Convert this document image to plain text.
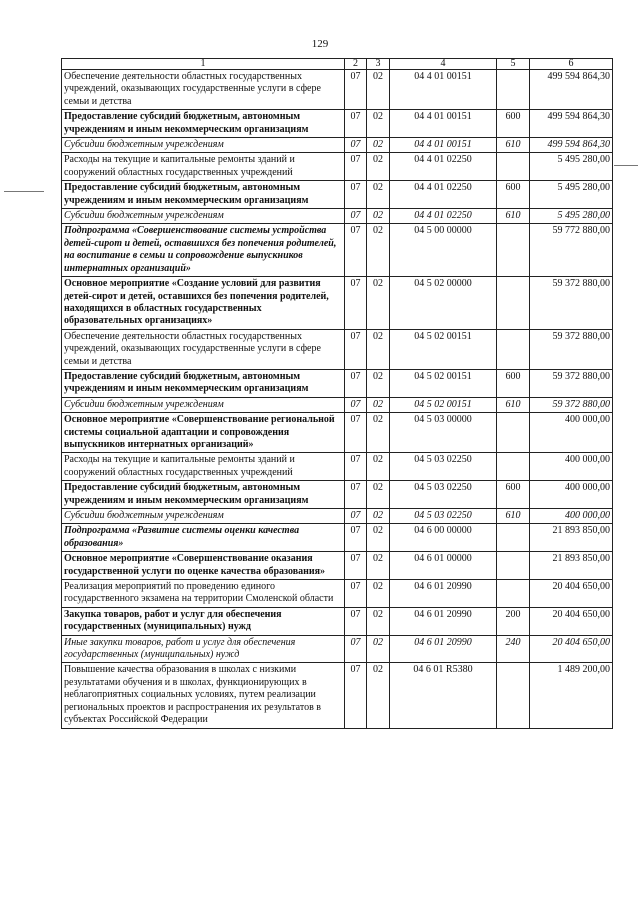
129
1	2	3	4	5	6
Обеспечение деятельности областных государственных учреждений, оказывающих государственные услуги в сфере семьи и детства	07	02	04 4 01 00151		499 594 864,30
Предоставление субсидий бюджетным, автономным учреждениям и иным некоммерческим организациям	07	02	04 4 01 00151	600	499 594 864,30
Субсидии бюджетным учреждениям	07	02	04 4 01 00151	610	499 594 864,30
Расходы на текущие и капитальные ремонты зданий и сооружений областных государственных учреждений	07	02	04 4 01 02250		5 495 280,00
Предоставление субсидий бюджетным, автономным учреждениям и иным некоммерческим организациям	07	02	04 4 01 02250	600	5 495 280,00
Субсидии бюджетным учреждениям	07	02	04 4 01 02250	610	5 495 280,00
Подпрограмма «Совершенствование системы устройства детей-сирот и детей, оставшихся без попечения родителей, на воспитание в семьи и сопровождение выпускников интернатных организаций»	07	02	04 5 00 00000		59 772 880,00
Основное мероприятие «Создание условий для развития детей-сирот и детей, оставшихся без попечения родителей, находящихся в областных государственных образовательных организациях»	07	02	04 5 02 00000		59 372 880,00
Обеспечение деятельности областных государственных учреждений, оказывающих государственные услуги в сфере семьи и детства	07	02	04 5 02 00151		59 372 880,00
Предоставление субсидий бюджетным, автономным учреждениям и иным некоммерческим организациям	07	02	04 5 02 00151	600	59 372 880,00
Субсидии бюджетным учреждениям	07	02	04 5 02 00151	610	59 372 880,00
Основное мероприятие «Совершенствование региональной системы социальной адаптации и сопровождения выпускников интернатных организаций»	07	02	04 5 03 00000		400 000,00
Расходы на текущие и капитальные ремонты зданий и сооружений областных государственных учреждений	07	02	04 5 03 02250		400 000,00
Предоставление субсидий бюджетным, автономным учреждениям и иным некоммерческим организациям	07	02	04 5 03 02250	600	400 000,00
Субсидии бюджетным учреждениям	07	02	04 5 03 02250	610	400 000,00
Подпрограмма «Развитие системы оценки качества образования»	07	02	04 6 00 00000		21 893 850,00
Основное мероприятие «Совершенствование оказания государственной услуги по оценке качества образования»	07	02	04 6 01 00000		21 893 850,00
Реализация мероприятий по проведению единого государственного экзамена на территории Смоленской области	07	02	04 6 01 20990		20 404 650,00
Закупка товаров, работ и услуг для обеспечения государственных (муниципальных) нужд	07	02	04 6 01 20990	200	20 404 650,00
Иные закупки товаров, работ и услуг для обеспечения государственных (муниципальных) нужд	07	02	04 6 01 20990	240	20 404 650,00
Повышение качества образования в школах с низкими результатами обучения и в школах, функционирующих в неблагоприятных социальных условиях, путем реализации региональных проектов и распространения их результатов в субъектах Российской Федерации	07	02	04 6 01 R5380		1 489 200,00
